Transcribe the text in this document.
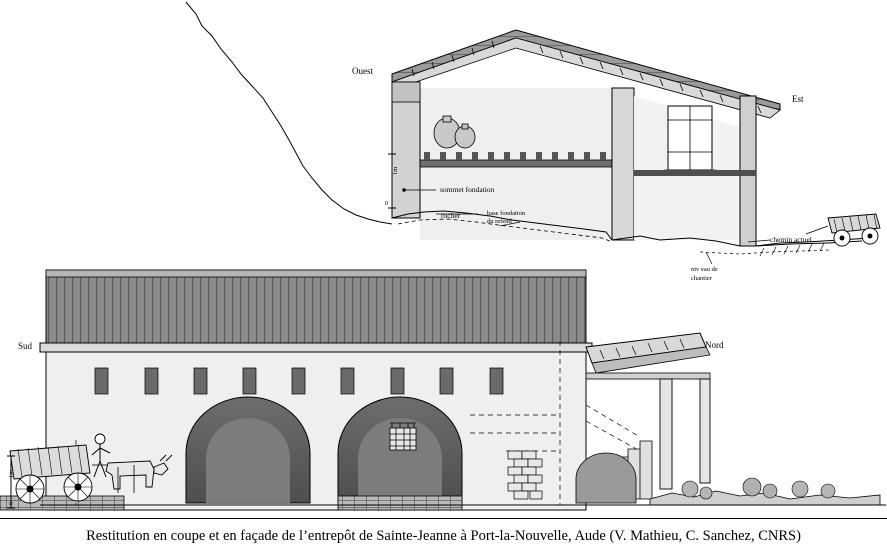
Ouest
Est
sommet fondation
rocher	base fondation
du refend
chemin actuel
niv eau de
chantier
1m
0
Sud	Nord
1m
0
Restitution en coupe et en façade de l’entrepôt de Sainte-Jeanne à Port-la-Nouvelle, Aude (V. Mathieu, C. Sanchez, CNRS)
